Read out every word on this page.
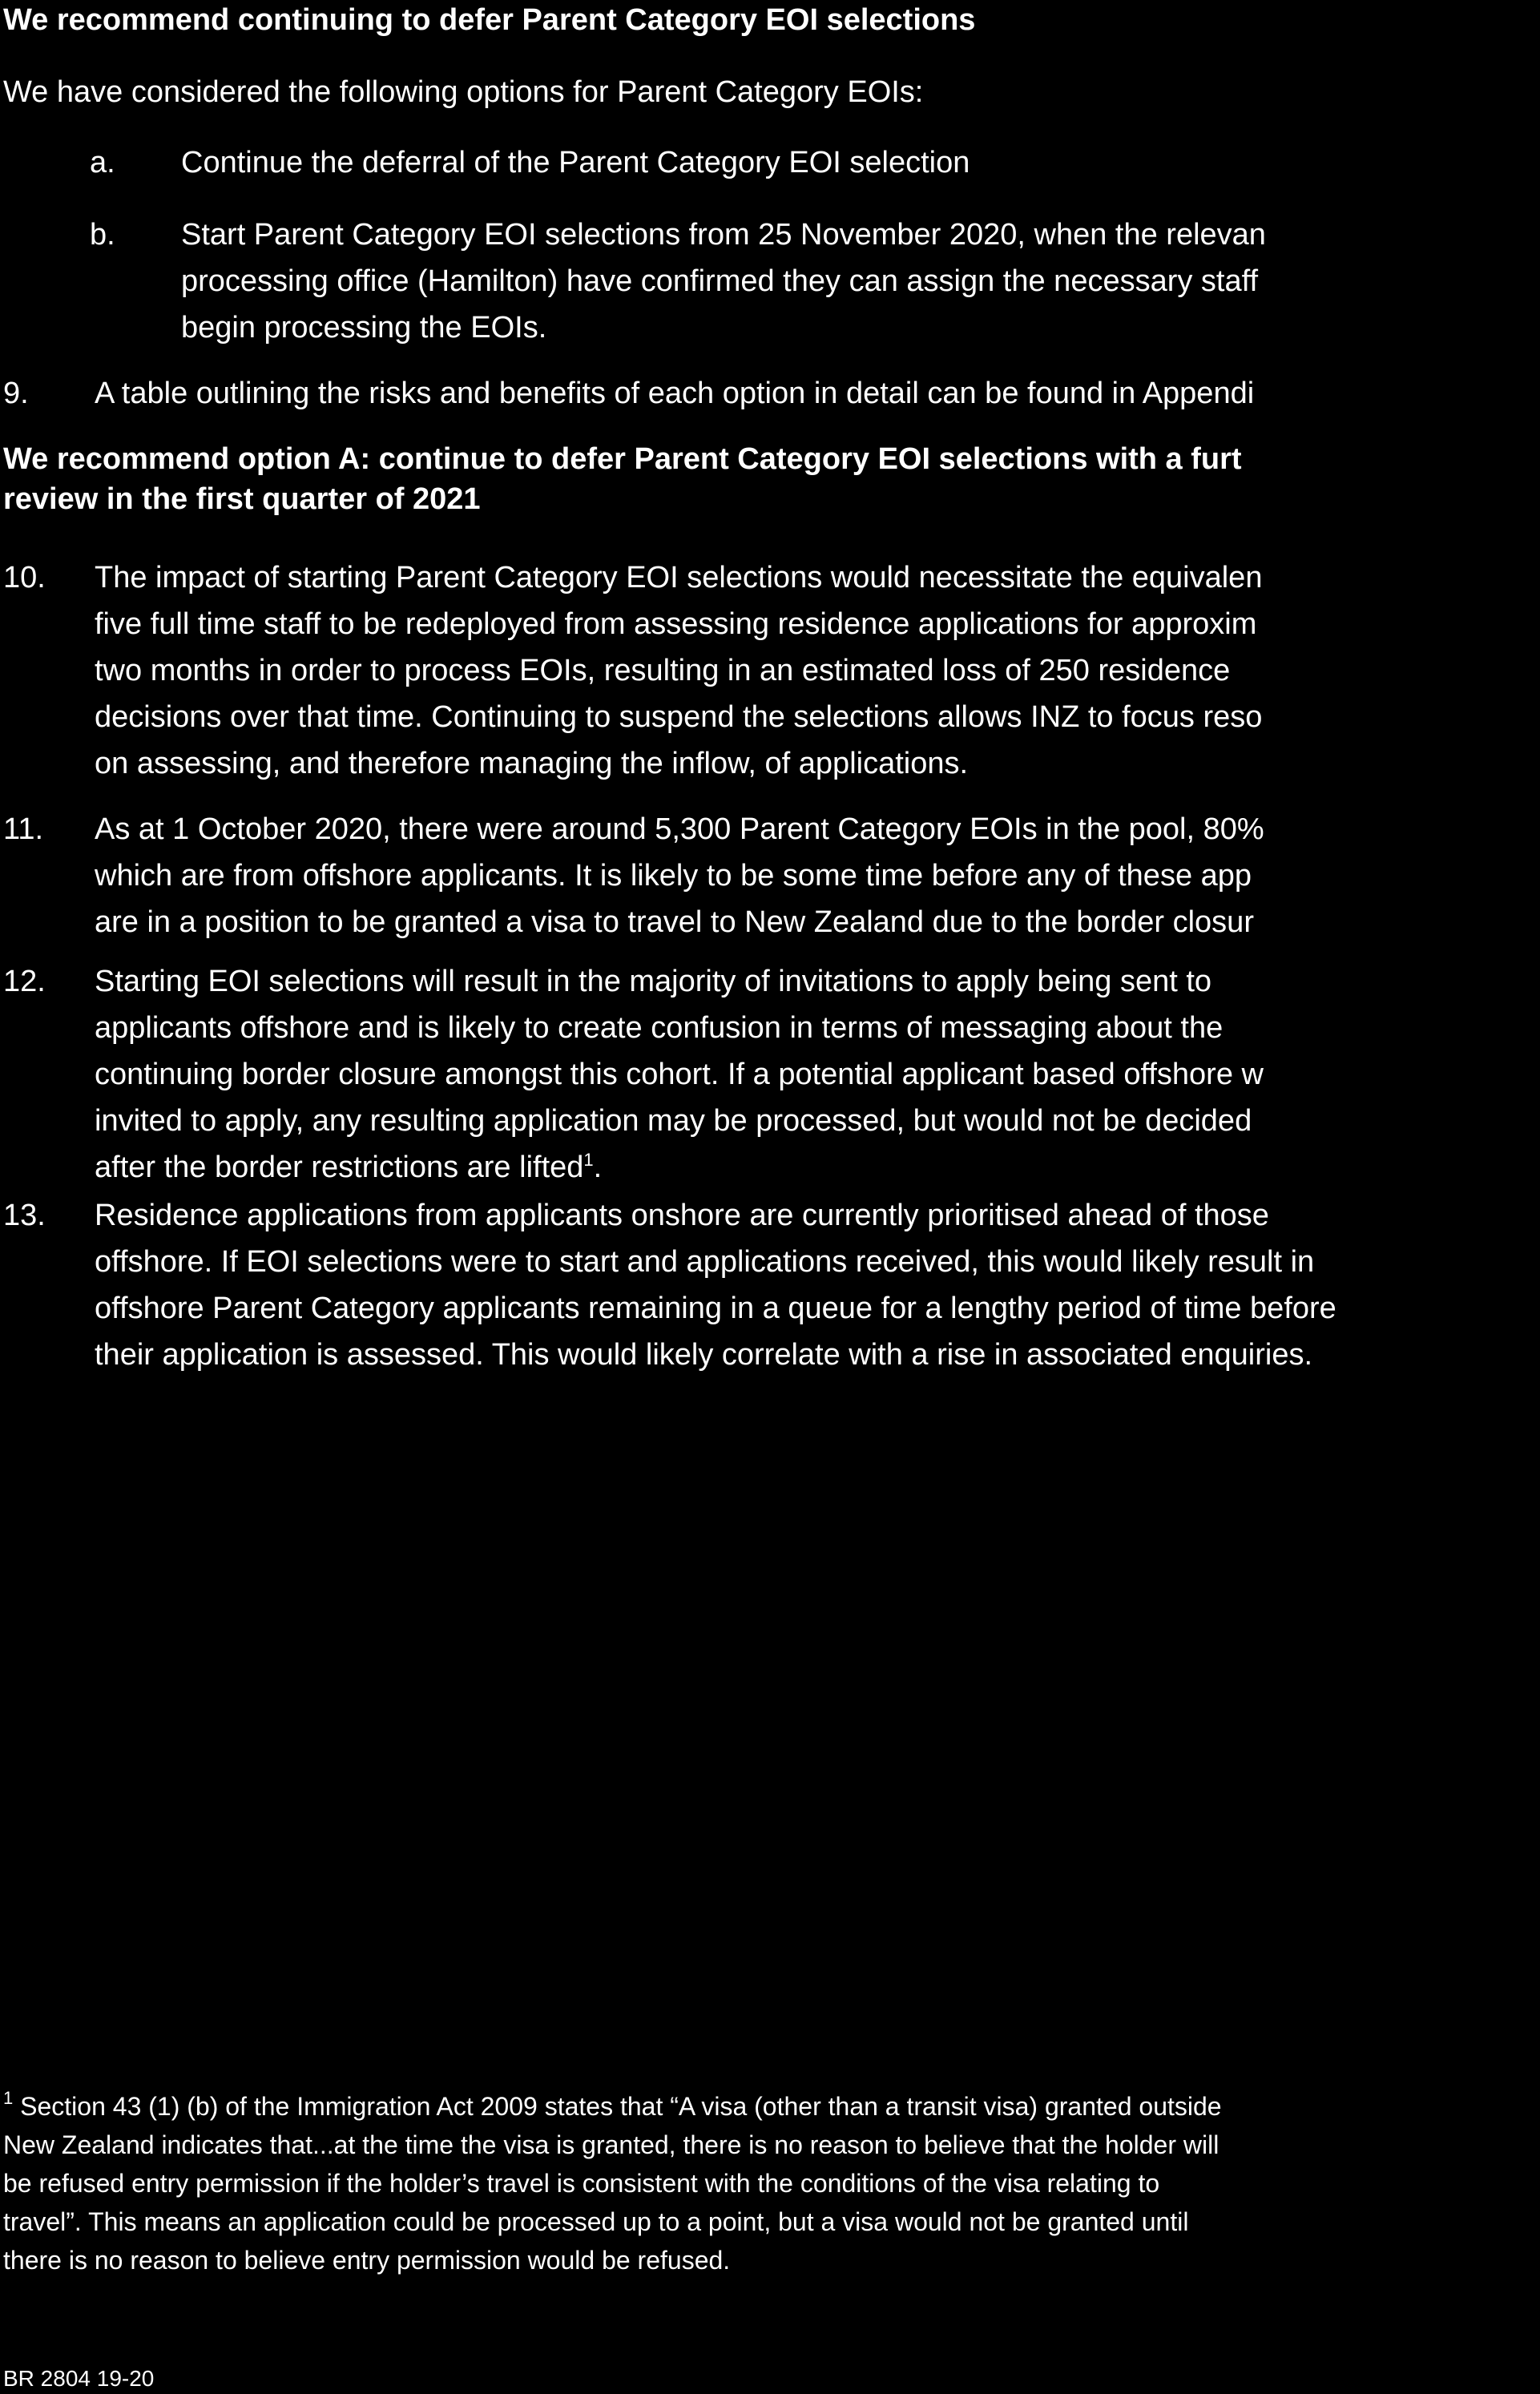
We recommend continuing to defer Parent Category EOI selections

We have considered the following options for Parent Category EOIs:

a. Continue the deferral of the Parent Category EOI selection

b. Start Parent Category EOI selections from 25 November 2020, when the relevan
processing office (Hamilton) have confirmed they can assign the necessary staff
begin processing the EOIs.

9. A table outlining the risks and benefits of each option in detail can be found in Appendi

We recommend option A: continue to defer Parent Category EOI selections with a furt
review in the first quarter of 2021

10. The impact of starting Parent Category EOI selections would necessitate the equivalen
five full time staff to be redeployed from assessing residence applications for approxim
two months in order to process EOIs, resulting in an estimated loss of 250 residence
decisions over that time. Continuing to suspend the selections allows INZ to focus reso
on assessing, and therefore managing the inflow, of applications.

11. As at 1 October 2020, there were around 5,300 Parent Category EOIs in the pool, 80%
which are from offshore applicants. It is likely to be some time before any of these app
are in a position to be granted a visa to travel to New Zealand due to the border closur

12. Starting EOI selections will result in the majority of invitations to apply being sent to
applicants offshore and is likely to create confusion in terms of messaging about the
continuing border closure amongst this cohort. If a potential applicant based offshore w
invited to apply, any resulting application may be processed, but would not be decided
after the border restrictions are lifted$^1$.

13. Residence applications from applicants onshore are currently prioritised ahead of those
offshore. If EOI selections were to start and applications received, this would likely result in
offshore Parent Category applicants remaining in a queue for a lengthy period of time before
their application is assessed. This would likely correlate with a rise in associated enquiries.

$^1$ Section 43 (1) (b) of the Immigration Act 2009 states that “A visa (other than a transit visa) granted outside
New Zealand indicates that...at the time the visa is granted, there is no reason to believe that the holder will
be refused entry permission if the holder’s travel is consistent with the conditions of the visa relating to
travel”. This means an application could be processed up to a point, but a visa would not be granted until
there is no reason to believe entry permission would be refused.

BR 2804 19-20
